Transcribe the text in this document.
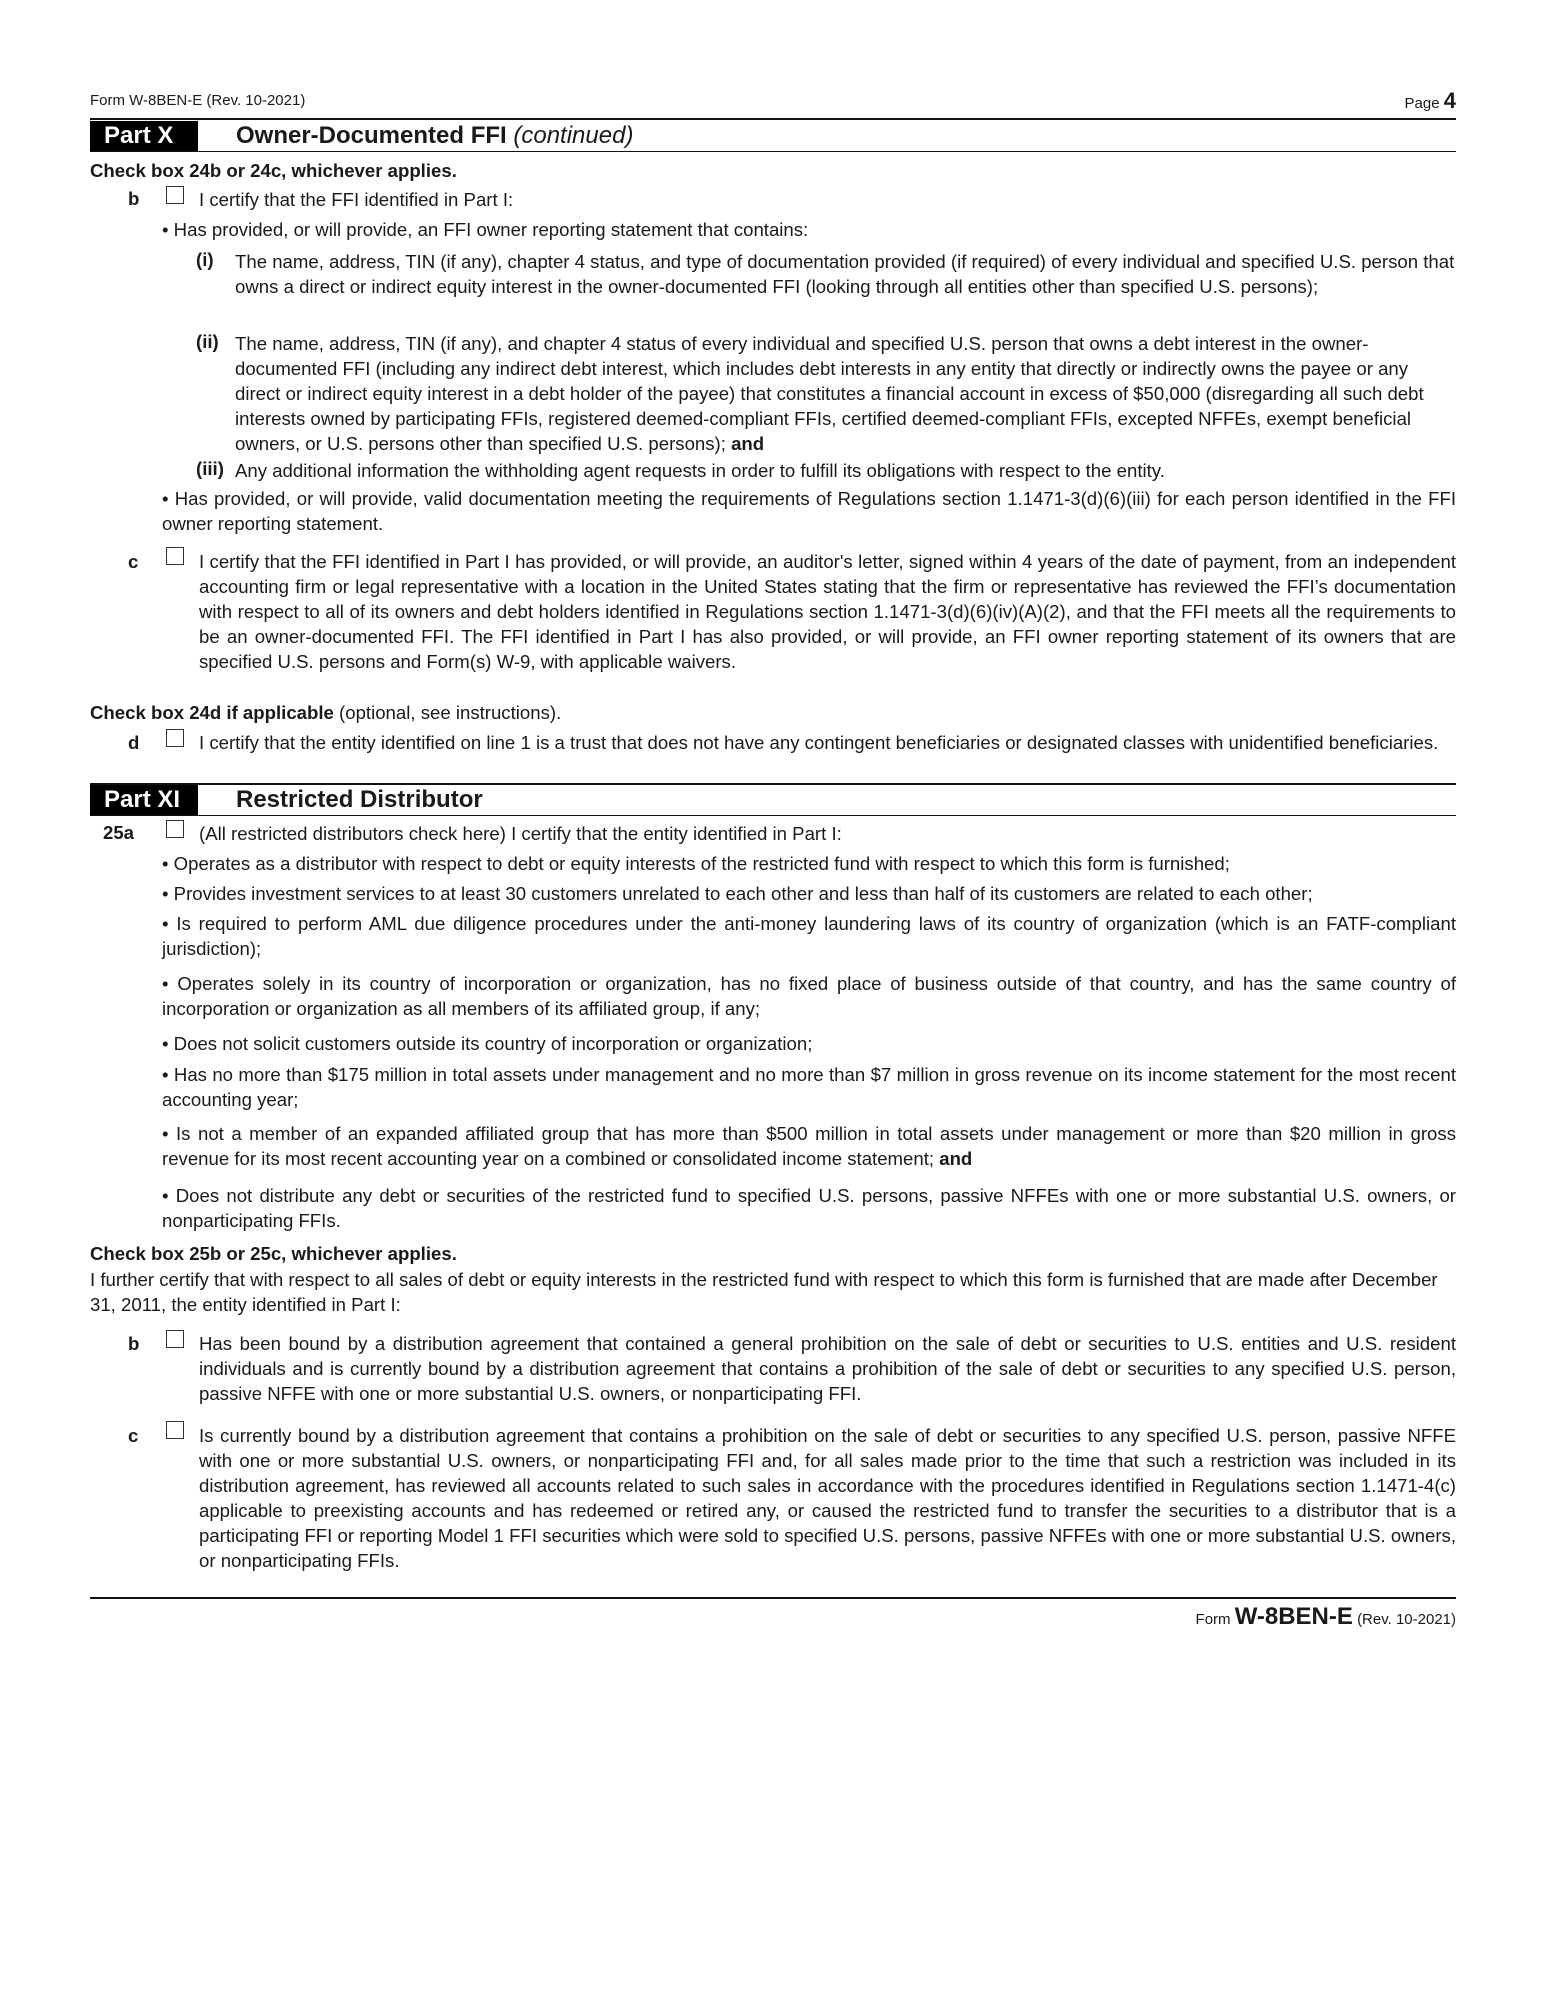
Form W-8BEN-E (Rev. 10-2021)	Page 4
Part X	Owner-Documented FFI (continued)
Check box 24b or 24c, whichever applies.
b	I certify that the FFI identified in Part I:
• Has provided, or will provide, an FFI owner reporting statement that contains:
(i) The name, address, TIN (if any), chapter 4 status, and type of documentation provided (if required) of every individual and specified U.S. person that owns a direct or indirect equity interest in the owner-documented FFI (looking through all entities other than specified U.S. persons);
(ii) The name, address, TIN (if any), and chapter 4 status of every individual and specified U.S. person that owns a debt interest in the owner-documented FFI (including any indirect debt interest, which includes debt interests in any entity that directly or indirectly owns the payee or any direct or indirect equity interest in a debt holder of the payee) that constitutes a financial account in excess of $50,000 (disregarding all such debt interests owned by participating FFIs, registered deemed-compliant FFIs, certified deemed-compliant FFIs, excepted NFFEs, exempt beneficial owners, or U.S. persons other than specified U.S. persons); and
(iii) Any additional information the withholding agent requests in order to fulfill its obligations with respect to the entity.
• Has provided, or will provide, valid documentation meeting the requirements of Regulations section 1.1471-3(d)(6)(iii) for each person identified in the FFI owner reporting statement.
c	I certify that the FFI identified in Part I has provided, or will provide, an auditor's letter, signed within 4 years of the date of payment, from an independent accounting firm or legal representative with a location in the United States stating that the firm or representative has reviewed the FFI’s documentation with respect to all of its owners and debt holders identified in Regulations section 1.1471-3(d)(6)(iv)(A)(2), and that the FFI meets all the requirements to be an owner-documented FFI. The FFI identified in Part I has also provided, or will provide, an FFI owner reporting statement of its owners that are specified U.S. persons and Form(s) W-9, with applicable waivers.
Check box 24d if applicable (optional, see instructions).
d	I certify that the entity identified on line 1 is a trust that does not have any contingent beneficiaries or designated classes with unidentified beneficiaries.
Part XI	Restricted Distributor
25a	(All restricted distributors check here) I certify that the entity identified in Part I:
• Operates as a distributor with respect to debt or equity interests of the restricted fund with respect to which this form is furnished;
• Provides investment services to at least 30 customers unrelated to each other and less than half of its customers are related to each other;
• Is required to perform AML due diligence procedures under the anti-money laundering laws of its country of organization (which is an FATF-compliant jurisdiction);
• Operates solely in its country of incorporation or organization, has no fixed place of business outside of that country, and has the same country of incorporation or organization as all members of its affiliated group, if any;
• Does not solicit customers outside its country of incorporation or organization;
• Has no more than $175 million in total assets under management and no more than $7 million in gross revenue on its income statement for the most recent accounting year;
• Is not a member of an expanded affiliated group that has more than $500 million in total assets under management or more than $20 million in gross revenue for its most recent accounting year on a combined or consolidated income statement; and
• Does not distribute any debt or securities of the restricted fund to specified U.S. persons, passive NFFEs with one or more substantial U.S. owners, or nonparticipating FFIs.
Check box 25b or 25c, whichever applies.
I further certify that with respect to all sales of debt or equity interests in the restricted fund with respect to which this form is furnished that are made after December 31, 2011, the entity identified in Part I:
b	Has been bound by a distribution agreement that contained a general prohibition on the sale of debt or securities to U.S. entities and U.S. resident individuals and is currently bound by a distribution agreement that contains a prohibition of the sale of debt or securities to any specified U.S. person, passive NFFE with one or more substantial U.S. owners, or nonparticipating FFI.
c	Is currently bound by a distribution agreement that contains a prohibition on the sale of debt or securities to any specified U.S. person, passive NFFE with one or more substantial U.S. owners, or nonparticipating FFI and, for all sales made prior to the time that such a restriction was included in its distribution agreement, has reviewed all accounts related to such sales in accordance with the procedures identified in Regulations section 1.1471-4(c) applicable to preexisting accounts and has redeemed or retired any, or caused the restricted fund to transfer the securities to a distributor that is a participating FFI or reporting Model 1 FFI securities which were sold to specified U.S. persons, passive NFFEs with one or more substantial U.S. owners, or nonparticipating FFIs.
Form W-8BEN-E (Rev. 10-2021)
